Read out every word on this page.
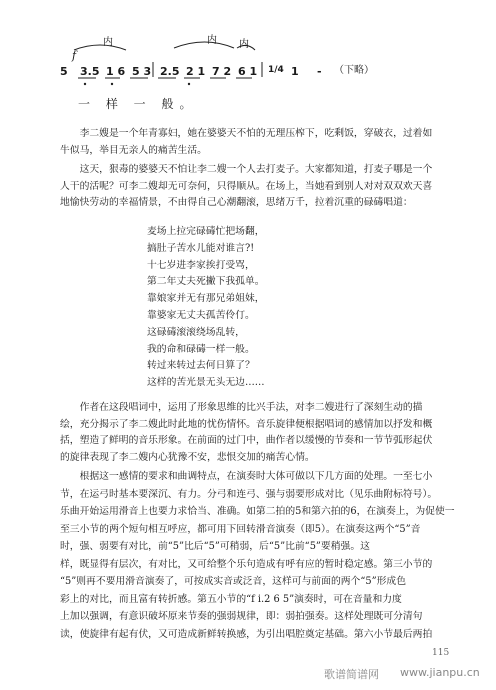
f
内	内 内
5 3.5 1 6 5 3 2.5 2 1 7 2 6 1 1/4 1 - （下略）
一 样 一 般。

李二嫂是一个年青寡妇，她在婆婆天不怕的无理压榨下，吃剩饭，穿破衣，过着如
牛似马，举目无亲人的痛苦生活。

这天，狠毒的婆婆天不怕让李二嫂一个人去打麦子。大家都知道，打麦子哪是一个
人干的活呢？可李二嫂却无可奈何，只得顺从。在场上，当她看到别人对对双双欢天喜
地愉快劳动的幸福情景，不由得自己心潮翻滚，思绪万千，拉着沉重的碌碡唱道：

麦场上拉完碌碡忙把场翻，
搞肚子苦水儿能对谁言?!
十七岁进李家挨打受骂，
第二年丈夫死撇下我孤单。
靠娘家并无有那兄弟姐妹，
靠婆家无丈夫孤苦伶仃。
这碌碡滚滚绕场乱转，
我的命和碌碡一样一般。
转过来转过去何日算了？
这样的苦光景无头无边……

作者在这段唱词中，运用了形象思维的比兴手法，对李二嫂进行了深刻生动的描
绘，充分揭示了李二嫂此时此地的忧伤情怀。音乐旋律便根据唱词的感情加以抒发和概
括，塑造了鲜明的音乐形象。在前面的过门中，曲作者以缓慢的节奏和一节节弧形起伏
的旋律表现了李二嫂内心犹豫不安，悲恨交加的痛苦心情。

根据这一感情的要求和曲调特点，在演奏时大体可做以下几方面的处理。一至七小
节，在运弓时基本要深沉、有力。分弓和连弓、强与弱要形成对比（见乐曲附标符号）。
乐曲开始运用滑音上也要力求恰当、准确。如第二拍的5和第六拍的6，在演奏上，为促使一
至三小节的两个短句相互呼应，都可用下回转滑音演奏（即5）。在演奏这两个“5”音
时，强、弱要有对比，前“5”比后“5”可稍弱，后“5”比前“5”要稍强。这
样，既显得有层次，有对比，又可给整个乐句造成有呼有应的暂时稳定感。第三小节的
“5”则再不要用滑音演奏了，可按成实音或泛音，这样可与前面的两个“5”形成色
彩上的对比，而且富有转折感。第五小节的“f i.2 6 5”演奏时，可在音量和力度
上加以强调，有意识破坏原来节奏的强弱规律，即：弱拍强奏。这样处理既可分清句
读，使旋律有起有伏，又可造成新鲜转换感，为引出唱腔奠定基础。第六小节最后两拍

115
歌谱简谱网 www.jianpu.cn
